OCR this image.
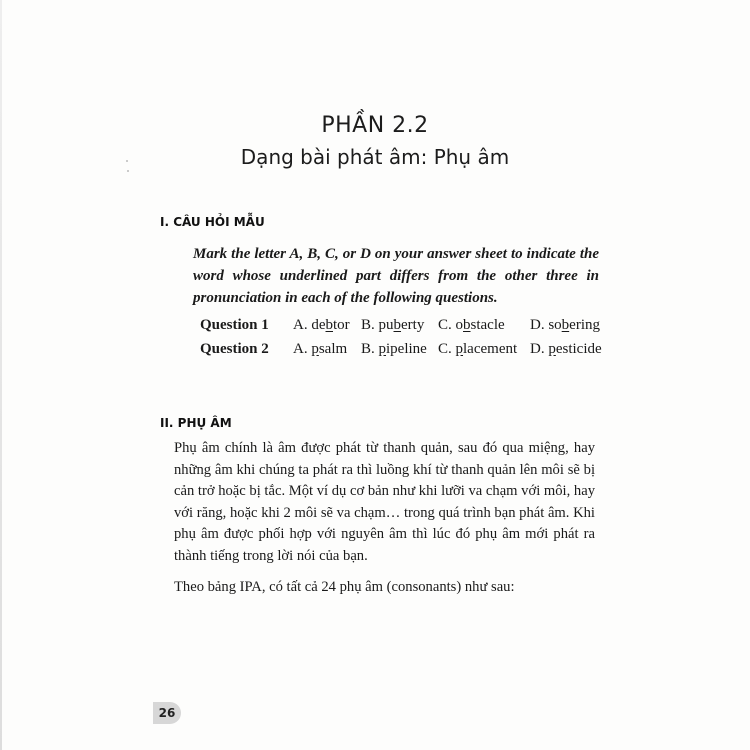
PHẦN 2.2
Dạng bài phát âm: Phụ âm
I. CÂU HỎI MẪU
Mark the letter A, B, C, or D on your answer sheet to indicate the word whose underlined part differs from the other three in pronunciation in each of the following questions.
Question 1 A. debtor B. puberty C. obstacle D. sobering
Question 2 A. psalm B. pipeline C. placement D. pesticide
II. PHỤ ÂM
Phụ âm chính là âm được phát từ thanh quản, sau đó qua miệng, hay những âm khi chúng ta phát ra thì luồng khí từ thanh quản lên môi sẽ bị cản trở hoặc bị tắc. Một ví dụ cơ bản như khi lưỡi va chạm với môi, hay với răng, hoặc khi 2 môi sẽ va chạm… trong quá trình bạn phát âm. Khi phụ âm được phối hợp với nguyên âm thì lúc đó phụ âm mới phát ra thành tiếng trong lời nói của bạn.
Theo bảng IPA, có tất cả 24 phụ âm (consonants) như sau:
26
